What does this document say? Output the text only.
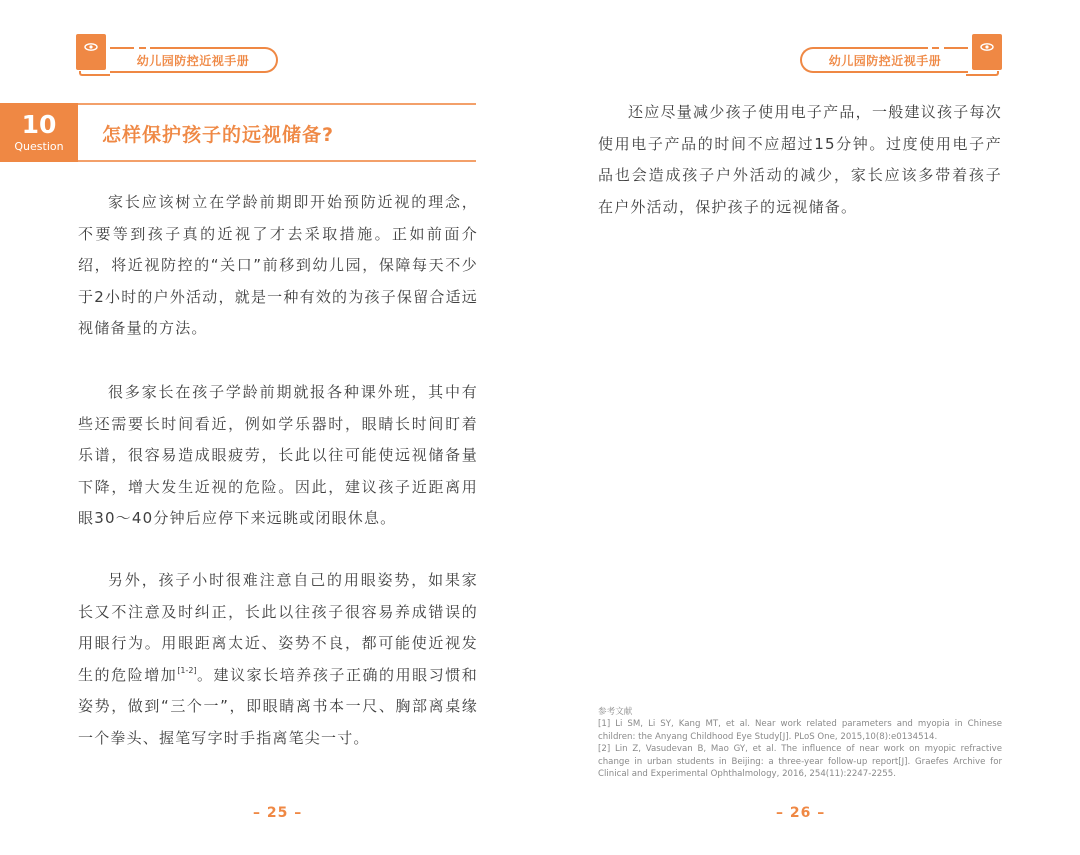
幼儿园防控近视手册
10
Question 怎样保护孩子的远视储备?

家长应该树立在学龄前期即开始预防近视的理念，不要等到孩子真的近视了才去采取措施。正如前面介绍，将近视防控的“关口”前移到幼儿园，保障每天不少于2小时的户外活动，就是一种有效的为孩子保留合适远视储备量的方法。

很多家长在孩子学龄前期就报各种课外班，其中有些还需要长时间看近，例如学乐器时，眼睛长时间盯着乐谱，很容易造成眼疲劳，长此以往可能使远视储备量下降，增大发生近视的危险。因此，建议孩子近距离用眼30～40分钟后应停下来远眺或闭眼休息。

另外，孩子小时很难注意自己的用眼姿势，如果家长又不注意及时纠正，长此以往孩子很容易养成错误的用眼行为。用眼距离太近、姿势不良，都可能使近视发生的危险增加[1-2]。建议家长培养孩子正确的用眼习惯和姿势，做到“三个一”，即眼睛离书本一尺、胸部离桌缘一个拳头、握笔写字时手指离笔尖一寸。

– 25 –
幼儿园防控近视手册

还应尽量减少孩子使用电子产品，一般建议孩子每次使用电子产品的时间不应超过15分钟。过度使用电子产品也会造成孩子户外活动的减少，家长应该多带着孩子在户外活动，保护孩子的远视储备。

参考文献
[1] Li SM, Li SY, Kang MT, et al. Near work related parameters and myopia in Chinese children: the Anyang Childhood Eye Study[J]. PLoS One, 2015,10(8):e0134514.
[2] Lin Z, Vasudevan B, Mao GY, et al. The influence of near work on myopic refractive change in urban students in Beijing: a three-year follow-up report[J]. Graefes Archive for Clinical and Experimental Ophthalmology, 2016, 254(11):2247-2255.
– 26 –
